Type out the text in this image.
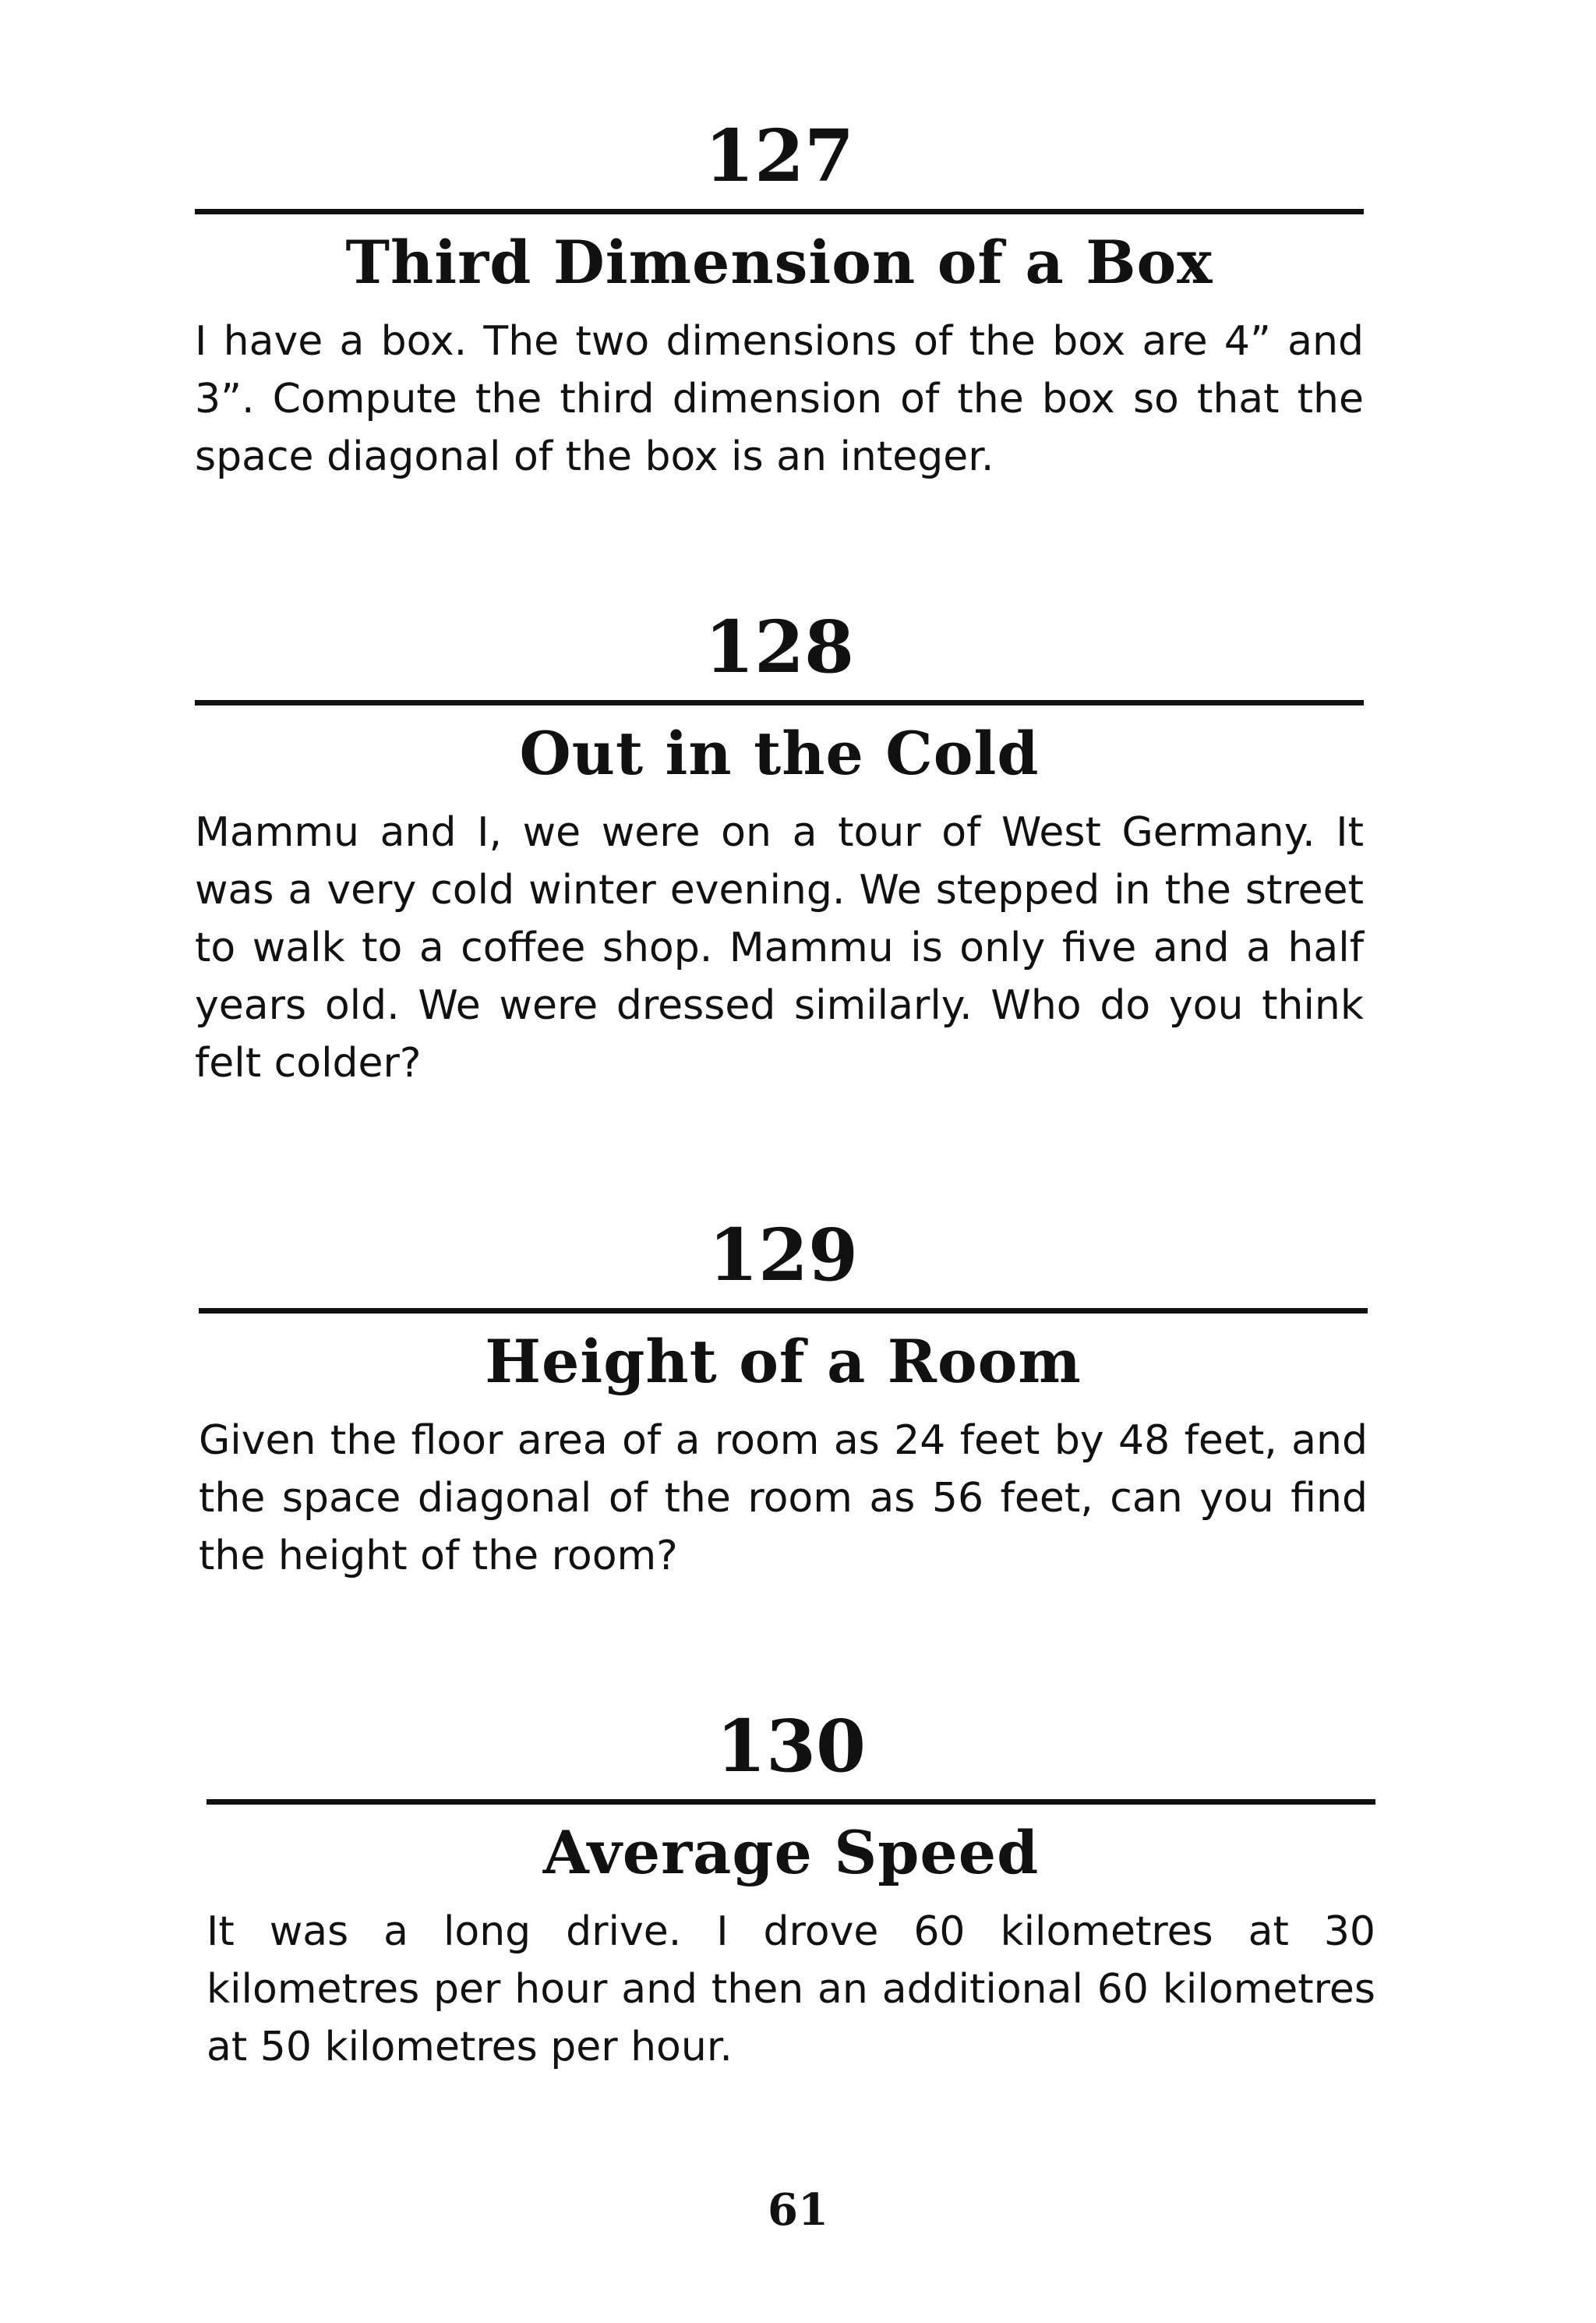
127
Third Dimension of a Box

I have a box. The two dimensions of the box are 4” and 3”. Compute the third dimension of the box so that the space diagonal of the box is an integer.

128
Out in the Cold

Mammu and I, we were on a tour of West Germany. It was a very cold winter evening. We stepped in the street to walk to a coffee shop. Mammu is only five and a half years old. We were dressed similarly. Who do you think felt colder?

129
Height of a Room

Given the floor area of a room as 24 feet by 48 feet, and the space diagonal of the room as 56 feet, can you find the height of the room?

130
Average Speed

It was a long drive. I drove 60 kilometres at 30 kilometres per hour and then an additional 60 kilometres at 50 kilometres per hour.

61
